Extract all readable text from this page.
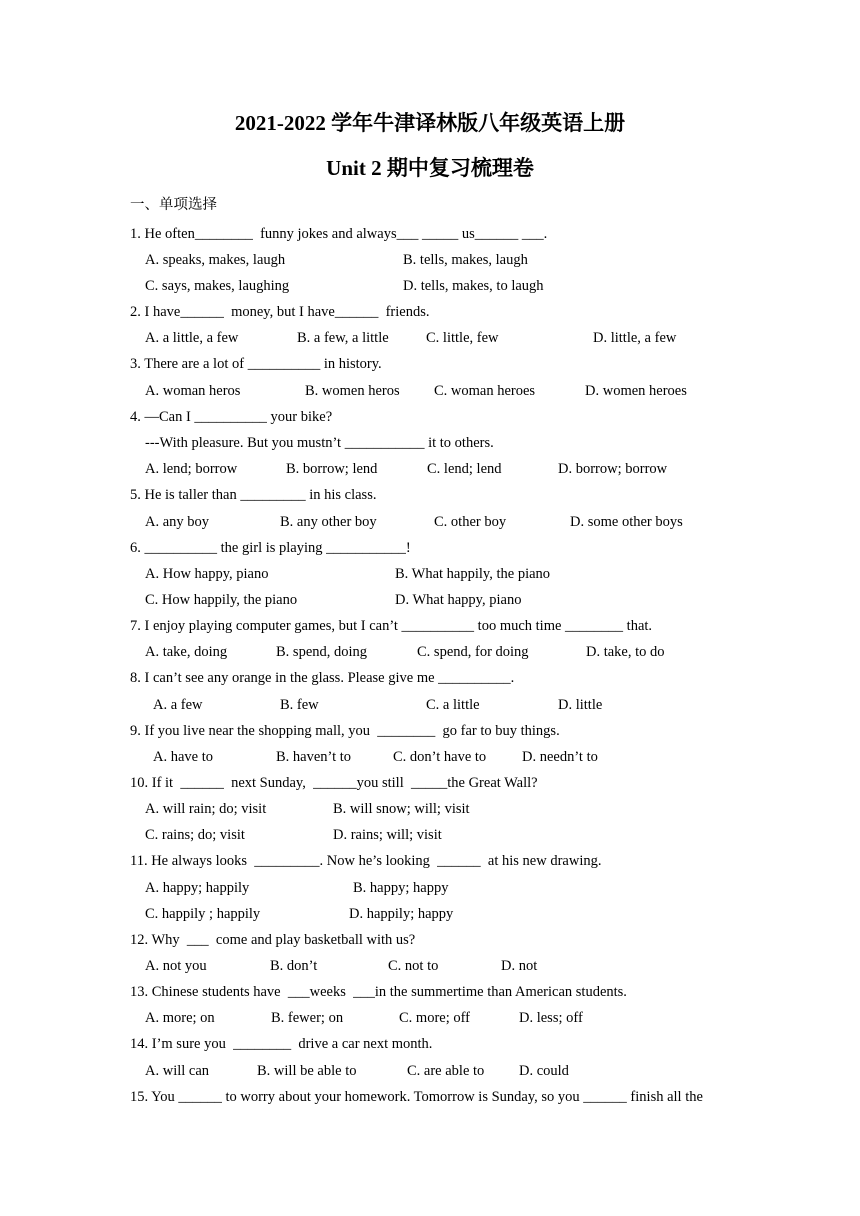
2021-2022 学年牛津译林版八年级英语上册
Unit 2 期中复习梳理卷
一、单项选择
1. He often________  funny jokes and always___ _____ us______ ___.
A. speaks, makes, laugh	B. tells, makes, laugh
C. says, makes, laughing	D. tells, makes, to laugh
2. I have______  money, but I have______  friends.
A. a little, a few	B. a few, a little	C. little, few	D. little, a few
3. There are a lot of __________ in history.
A. woman heros	B. women heros C. woman heroes	D. women heroes
4. —Can I __________ your bike?
---With pleasure. But you mustn’t ___________ it to others.
A. lend; borrow	B. borrow; lend	C. lend; lend	D. borrow; borrow
5. He is taller than _________ in his class.
A. any boy	B. any other boy	C. other boy	D. some other boys
6. __________ the girl is playing ___________!
A. How happy, piano	B. What happily, the piano
C. How happily, the piano	D. What happy, piano
7. I enjoy playing computer games, but I can’t __________ too much time ________ that.
A. take, doing	B. spend, doing	C. spend, for doing	D. take, to do
8. I can’t see any orange in the glass. Please give me __________.
A. a few	B. few	C. a little	D. little
9. If you live near the shopping mall, you  ________  go far to buy things.
A. have to	B. haven’t to	C. don’t have to D. needn’t to
10. If it  ______  next Sunday,  ______you still  _____the Great Wall?
A. will rain; do; visit	B. will snow; will; visit
C. rains; do; visit	D. rains; will; visit
11. He always looks  _________. Now he’s looking  ______  at his new drawing.
A. happy; happily	B. happy; happy
C. happily ; happily	D. happily; happy
12. Why  ___  come and play basketball with us?
A. not you	B. don’t	C. not to	D. not
13. Chinese students have  ___weeks  ___in the summertime than American students.
A. more; on	B. fewer; on	C. more; off	D. less; off
14. I’m sure you  ________  drive a car next month.
A. will can	B. will be able to	C. are able to D. could
15. You ______ to worry about your homework. Tomorrow is Sunday, so you ______ finish all the
